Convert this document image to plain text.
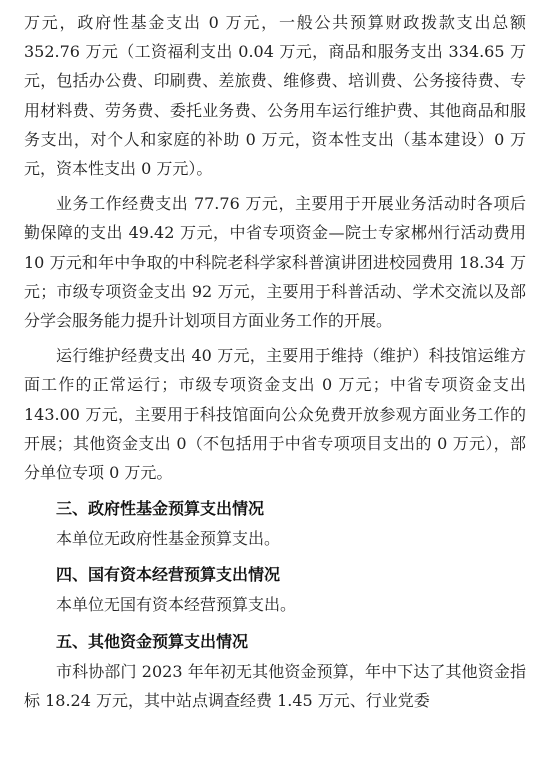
万元，政府性基金支出 0 万元，一般公共预算财政拨款支出总额 352.76 万元（工资福利支出 0.04 万元，商品和服务支出 334.65 万元，包括办公费、印刷费、差旅费、维修费、培训费、公务接待费、专用材料费、劳务费、委托业务费、公务用车运行维护费、其他商品和服务支出，对个人和家庭的补助 0 万元，资本性支出（基本建设）0 万元，资本性支出 0 万元）。

业务工作经费支出 77.76 万元，主要用于开展业务活动时各项后勤保障的支出 49.42 万元，中省专项资金—院士专家郴州行活动费用 10 万元和年中争取的中科院老科学家科普演讲团进校园费用 18.34 万元；市级专项资金支出 92 万元，主要用于科普活动、学术交流以及部分学会服务能力提升计划项目方面业务工作的开展。

运行维护经费支出 40 万元，主要用于维持（维护）科技馆运维方面工作的正常运行；市级专项资金支出 0 万元；中省专项资金支出 143.00 万元，主要用于科技馆面向公众免费开放参观方面业务工作的开展；其他资金支出 0（不包括用于中省专项项目支出的 0 万元），部分单位专项 0 万元。

三、政府性基金预算支出情况

本单位无政府性基金预算支出。

四、国有资本经营预算支出情况

本单位无国有资本经营预算支出。

五、其他资金预算支出情况

市科协部门 2023 年年初无其他资金预算，年中下达了其他资金指标 18.24 万元，其中站点调查经费 1.45 万元、行业党委
